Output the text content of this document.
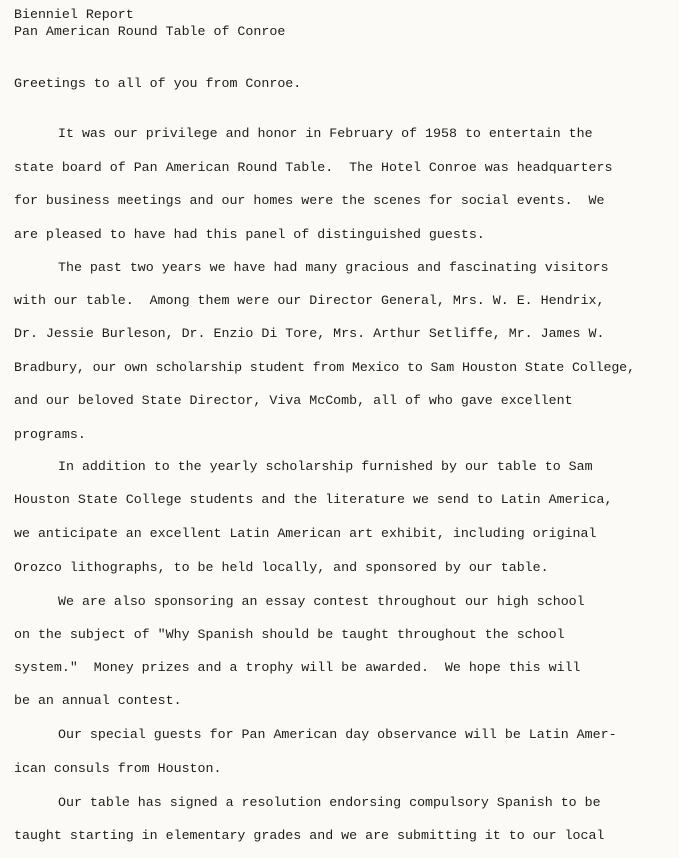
Bienniel Report
Pan American Round Table of Conroe
Greetings to all of you from Conroe.
It was our privilege and honor in February of 1958 to entertain the
state board of Pan American Round Table.  The Hotel Conroe was headquarters
for business meetings and our homes were the scenes for social events.  We
are pleased to have had this panel of distinguished guests.
The past two years we have had many gracious and fascinating visitors
with our table.  Among them were our Director General, Mrs. W. E. Hendrix,
Dr. Jessie Burleson, Dr. Enzio Di Tore, Mrs. Arthur Setliffe, Mr. James W.
Bradbury, our own scholarship student from Mexico to Sam Houston State College,
and our beloved State Director, Viva McComb, all of who gave excellent
programs.
In addition to the yearly scholarship furnished by our table to Sam
Houston State College students and the literature we send to Latin America,
we anticipate an excellent Latin American art exhibit, including original
Orozco lithographs, to be held locally, and sponsored by our table.
We are also sponsoring an essay contest throughout our high school
on the subject of "Why Spanish should be taught throughout the school
system."  Money prizes and a trophy will be awarded.  We hope this will
be an annual contest.
Our special guests for Pan American day observance will be Latin Amer-
ican consuls from Houston.
Our table has signed a resolution endorsing compulsory Spanish to be
taught starting in elementary grades and we are submitting it to our local
